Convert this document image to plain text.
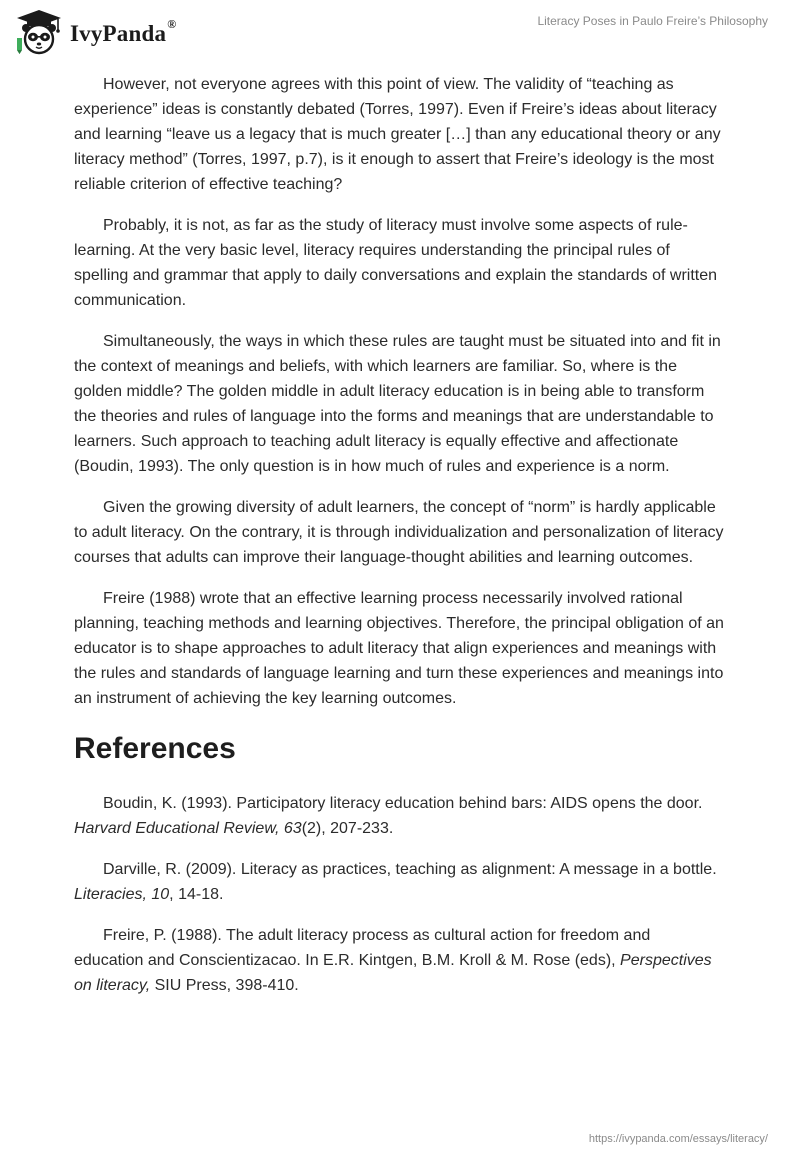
IvyPanda®	Literacy Poses in Paulo Freire’s Philosophy

However, not everyone agrees with this point of view. The validity of “teaching as experience” ideas is constantly debated (Torres, 1997). Even if Freire’s ideas about literacy and learning “leave us a legacy that is much greater […] than any educational theory or any literacy method” (Torres, 1997, p.7), is it enough to assert that Freire’s ideology is the most reliable criterion of effective teaching?

Probably, it is not, as far as the study of literacy must involve some aspects of rule-learning. At the very basic level, literacy requires understanding the principal rules of spelling and grammar that apply to daily conversations and explain the standards of written communication.

Simultaneously, the ways in which these rules are taught must be situated into and fit in the context of meanings and beliefs, with which learners are familiar. So, where is the golden middle? The golden middle in adult literacy education is in being able to transform the theories and rules of language into the forms and meanings that are understandable to learners. Such approach to teaching adult literacy is equally effective and affectionate (Boudin, 1993). The only question is in how much of rules and experience is a norm.

Given the growing diversity of adult learners, the concept of “norm” is hardly applicable to adult literacy. On the contrary, it is through individualization and personalization of literacy courses that adults can improve their language-thought abilities and learning outcomes.

Freire (1988) wrote that an effective learning process necessarily involved rational planning, teaching methods and learning objectives. Therefore, the principal obligation of an educator is to shape approaches to adult literacy that align experiences and meanings with the rules and standards of language learning and turn these experiences and meanings into an instrument of achieving the key learning outcomes.

References

Boudin, K. (1993). Participatory literacy education behind bars: AIDS opens the door. Harvard Educational Review, 63(2), 207-233.

Darville, R. (2009). Literacy as practices, teaching as alignment: A message in a bottle. Literacies, 10, 14-18.

Freire, P. (1988). The adult literacy process as cultural action for freedom and education and Conscientizacao. In E.R. Kintgen, B.M. Kroll & M. Rose (eds), Perspectives on literacy, SIU Press, 398-410.

https://ivypanda.com/essays/literacy/
